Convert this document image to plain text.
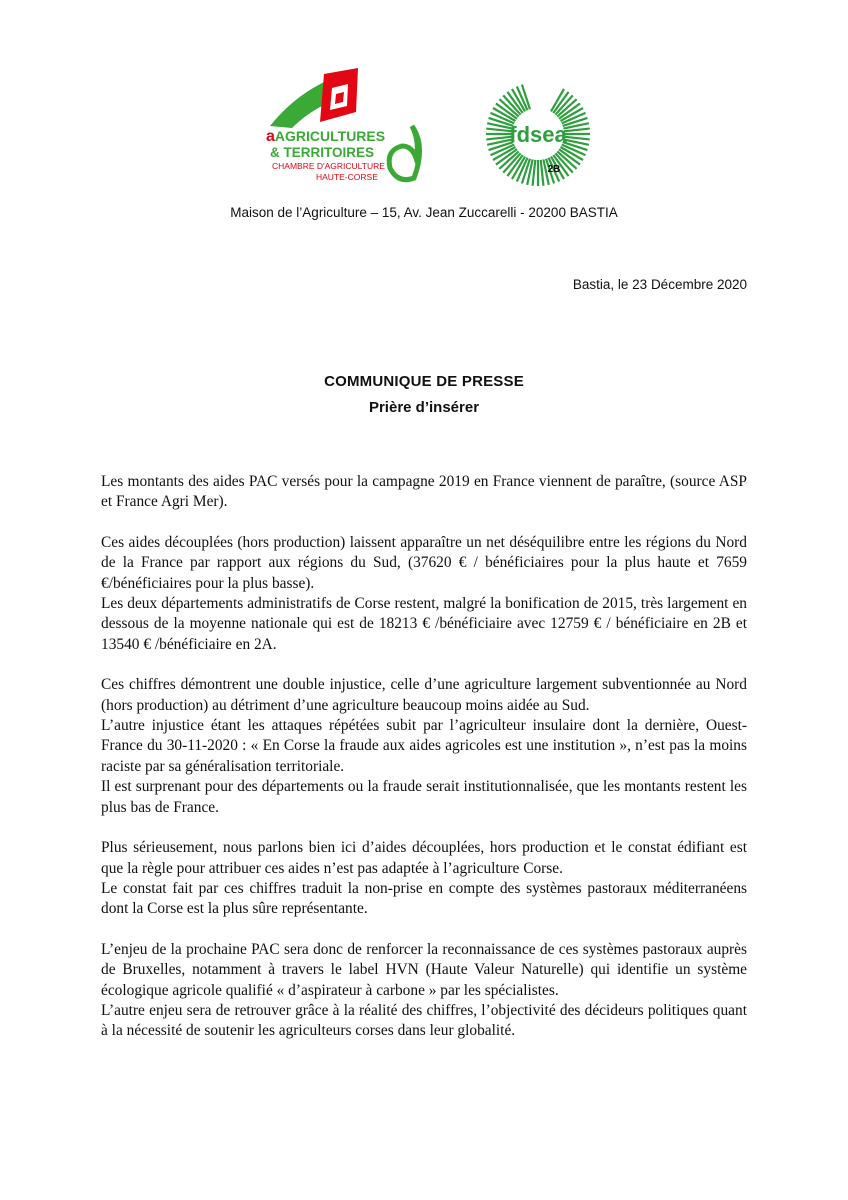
aAGRICULTURES
& TERRITOIRES
CHAMBRE D'AGRICULTURE
HAUTE-CORSE
fdsea
2B
Maison de l’Agriculture – 15, Av. Jean Zuccarelli - 20200 BASTIA
Bastia, le 23 Décembre 2020
COMMUNIQUE DE PRESSE
Prière d’insérer

Les montants des aides PAC versés pour la campagne 2019 en France viennent de paraître, (source ASP et France Agri Mer).

Ces aides découplées (hors production) laissent apparaître un net déséquilibre entre les régions du Nord de la France par rapport aux régions du Sud, (37620 € / bénéficiaires pour la plus haute et 7659 €/bénéficiaires pour la plus basse).

Les deux départements administratifs de Corse restent, malgré la bonification de 2015, très largement en dessous de la moyenne nationale qui est de 18213 € /bénéficiaire avec 12759 € / bénéficiaire en 2B et 13540 € /bénéficiaire en 2A.

Ces chiffres démontrent une double injustice, celle d’une agriculture largement subventionnée au Nord (hors production) au détriment d’une agriculture beaucoup moins aidée au Sud.

L’autre injustice étant les attaques répétées subit par l’agriculteur insulaire dont la dernière, Ouest-France du 30-11-2020 : « En Corse la fraude aux aides agricoles est une institution », n’est pas la moins raciste par sa généralisation territoriale.

Il est surprenant pour des départements ou la fraude serait institutionnalisée, que les montants restent les plus bas de France.

Plus sérieusement, nous parlons bien ici d’aides découplées, hors production et le constat édifiant est que la règle pour attribuer ces aides n’est pas adaptée à l’agriculture Corse.

Le constat fait par ces chiffres traduit la non-prise en compte des systèmes pastoraux méditerranéens dont la Corse est la plus sûre représentante.

L’enjeu de la prochaine PAC sera donc de renforcer la reconnaissance de ces systèmes pastoraux auprès de Bruxelles, notamment à travers le label HVN (Haute Valeur Naturelle) qui identifie un système écologique agricole qualifié « d’aspirateur à carbone » par les spécialistes.

L’autre enjeu sera de retrouver grâce à la réalité des chiffres, l’objectivité des décideurs politiques quant à la nécessité de soutenir les agriculteurs corses dans leur globalité.
